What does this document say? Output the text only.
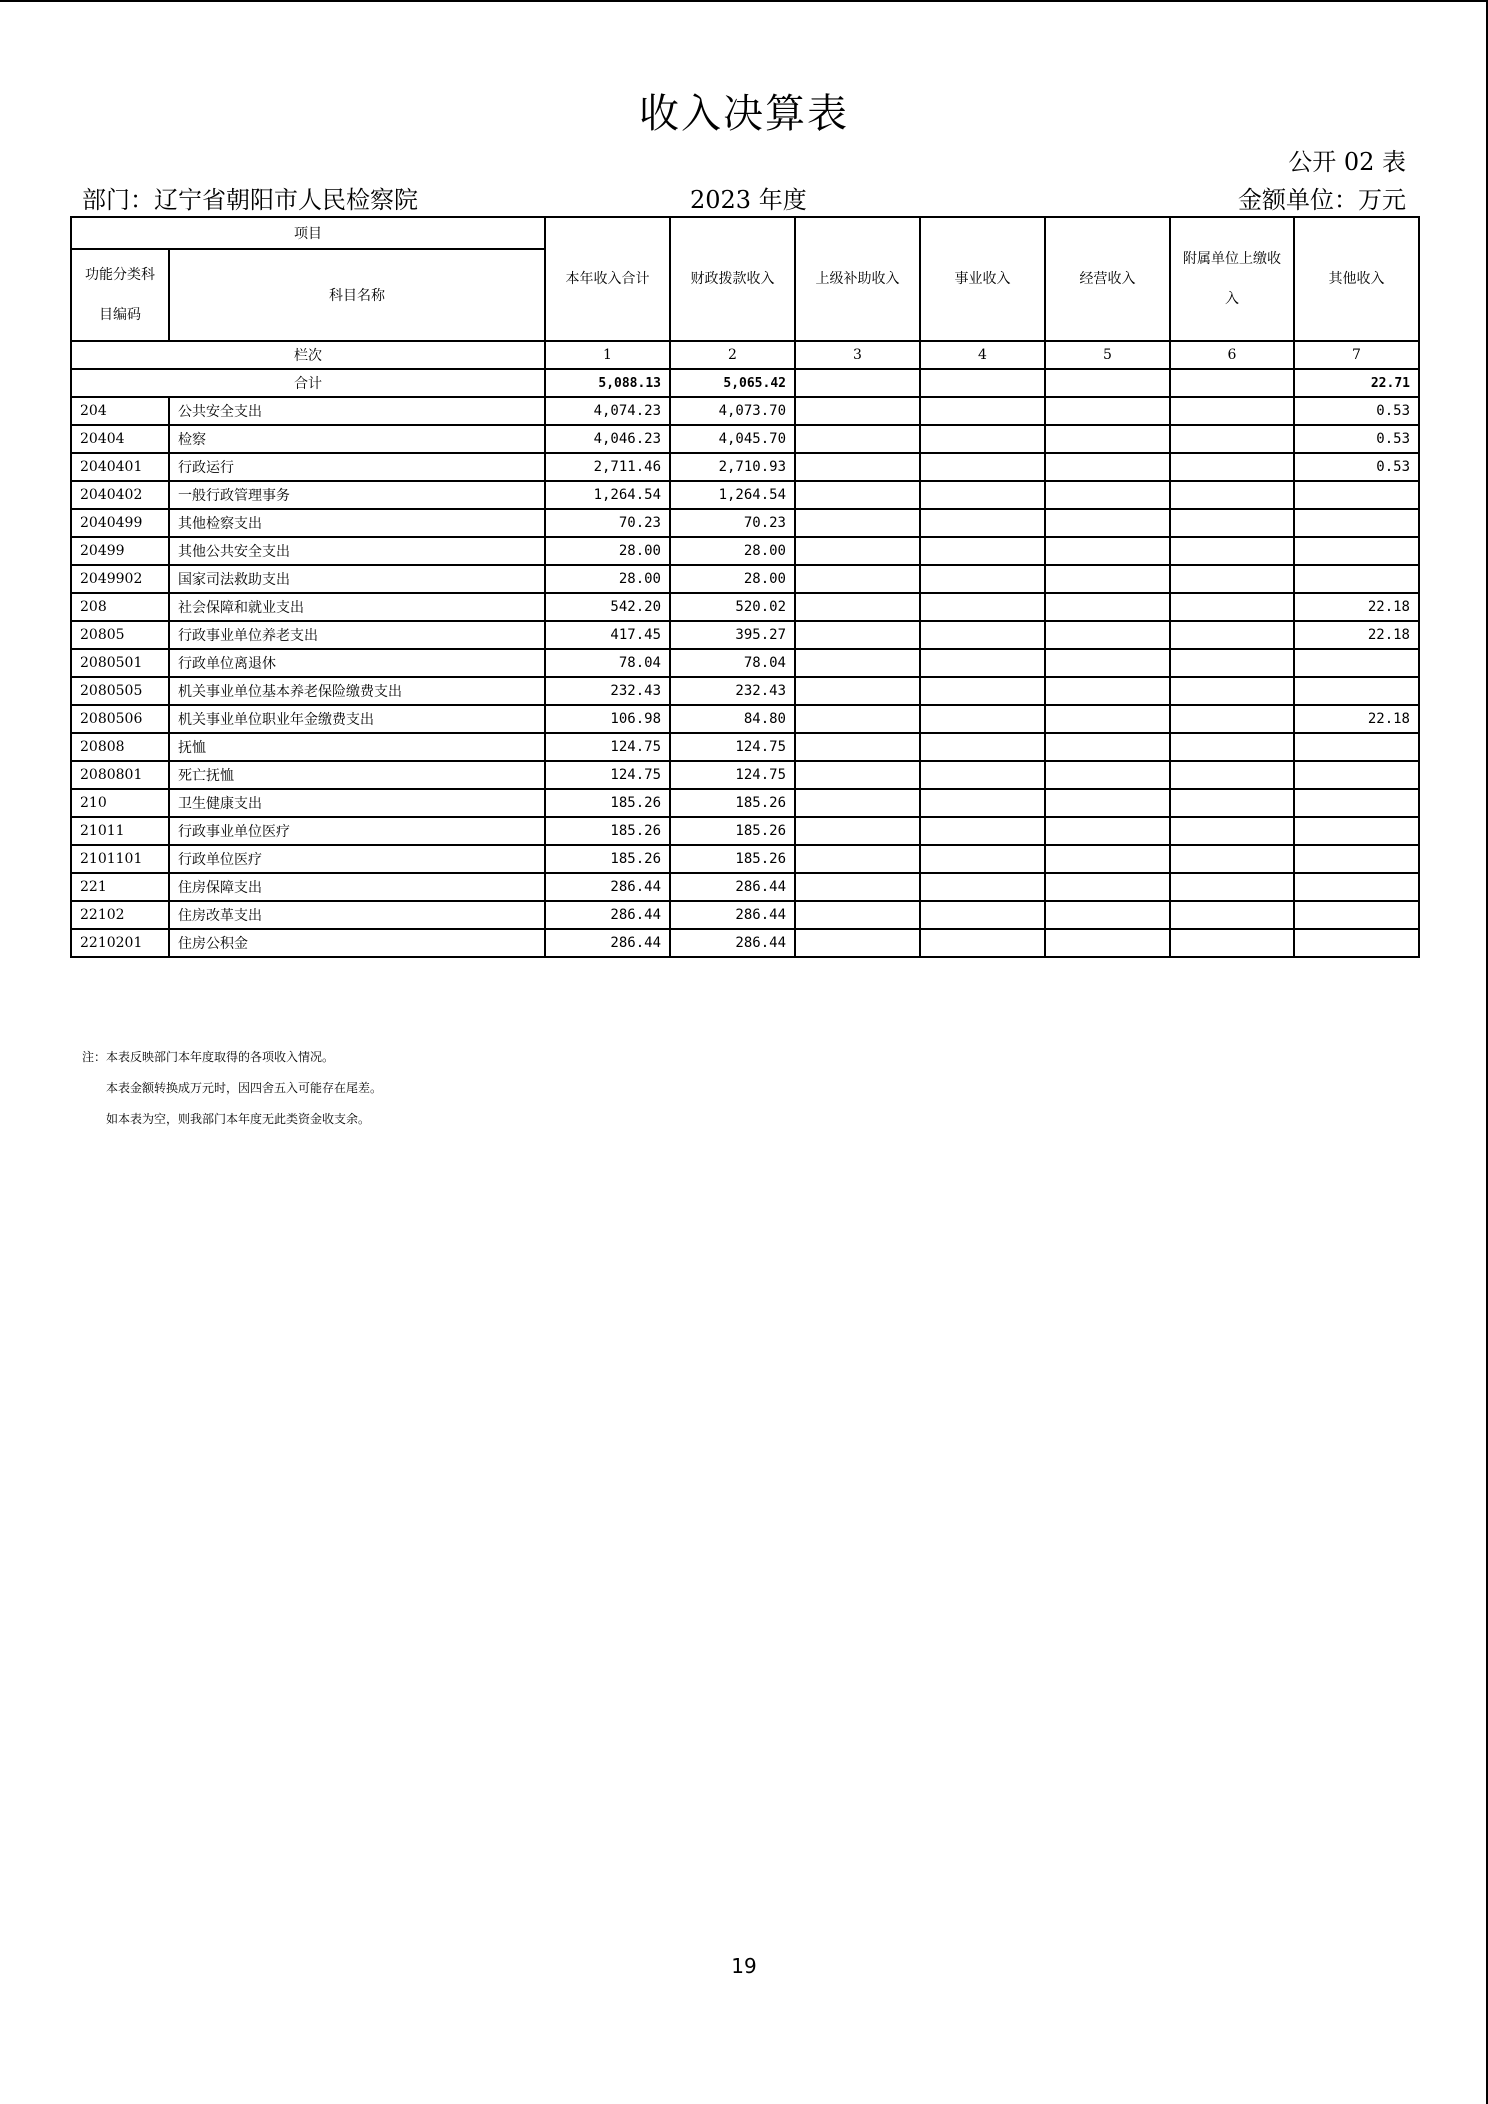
收入决算表
公开 02 表
部门：辽宁省朝阳市人民检察院	2023 年度	金额单位：万元
项目		本年收入合计	财政拨款收入	上级补助收入	事业收入	经营收入	附属单位上缴收入	其他收入
功能分类科目编码	科目名称							
栏次		1	2	3	4	5	6	7
合计		5,088.13	5,065.42					22.71
204	公共安全支出	4,074.23	4,073.70					0.53
20404	检察	4,046.23	4,045.70					0.53
2040401	行政运行	2,711.46	2,710.93					0.53
2040402	一般行政管理事务	1,264.54	1,264.54					
2040499	其他检察支出	70.23	70.23					
20499	其他公共安全支出	28.00	28.00					
2049902	国家司法救助支出	28.00	28.00					
208	社会保障和就业支出	542.20	520.02					22.18
20805	行政事业单位养老支出	417.45	395.27					22.18
2080501	行政单位离退休	78.04	78.04					
2080505	机关事业单位基本养老保险缴费支出	232.43	232.43					
2080506	机关事业单位职业年金缴费支出	106.98	84.80					22.18
20808	抚恤	124.75	124.75					
2080801	死亡抚恤	124.75	124.75					
210	卫生健康支出	185.26	185.26					
21011	行政事业单位医疗	185.26	185.26					
2101101	行政单位医疗	185.26	185.26					
221	住房保障支出	286.44	286.44					
22102	住房改革支出	286.44	286.44					
2210201	住房公积金	286.44	286.44					
注：本表反映部门本年度取得的各项收入情况。
本表金额转换成万元时，因四舍五入可能存在尾差。
如本表为空，则我部门本年度无此类资金收支余。
19
